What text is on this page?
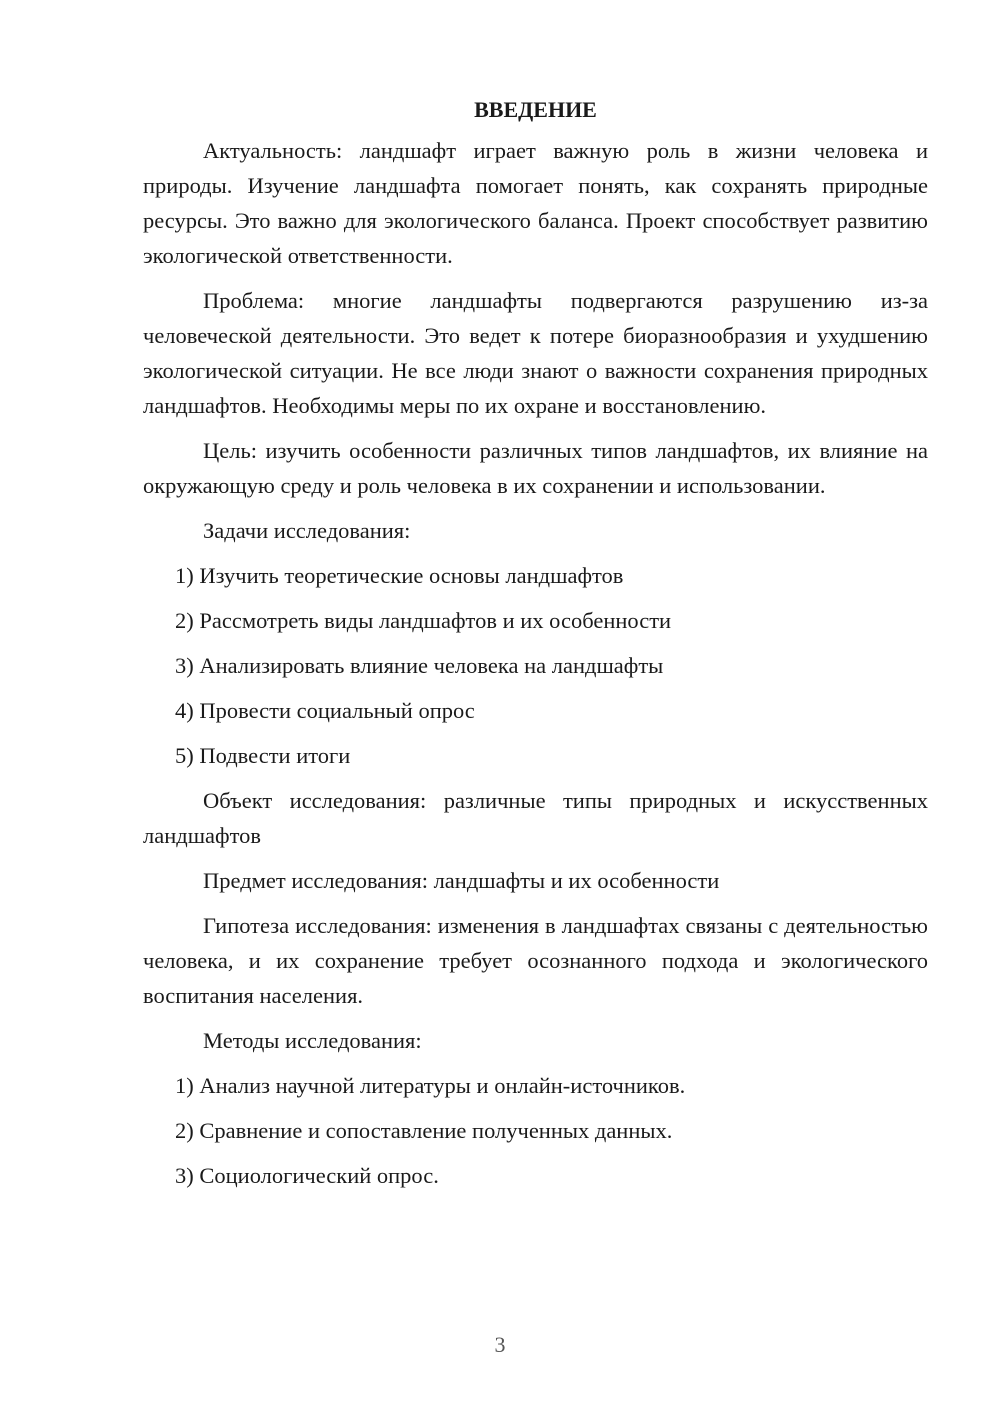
ВВЕДЕНИЕ

Актуальность: ландшафт играет важную роль в жизни человека и природы. Изучение ландшафта помогает понять, как сохранять природные ресурсы. Это важно для экологического баланса. Проект способствует развитию экологической ответственности.

Проблема: многие ландшафты подвергаются разрушению из-за человеческой деятельности. Это ведет к потере биоразнообразия и ухудшению экологической ситуации. Не все люди знают о важности сохранения природных ландшафтов. Необходимы меры по их охране и восстановлению.

Цель: изучить особенности различных типов ландшафтов, их влияние на окружающую среду и роль человека в их сохранении и использовании.

Задачи исследования:

1) Изучить теоретические основы ландшафтов

2) Рассмотреть виды ландшафтов и их особенности

3) Анализировать влияние человека на ландшафты

4) Провести социальный опрос

5) Подвести итоги

Объект исследования: различные типы природных и искусственных ландшафтов

Предмет исследования: ландшафты и их особенности

Гипотеза исследования: изменения в ландшафтах связаны с деятельностью человека, и их сохранение требует осознанного подхода и экологического воспитания населения.

Методы исследования:

1) Анализ научной литературы и онлайн-источников.

2) Сравнение и сопоставление полученных данных.

3) Социологический опрос.

3
